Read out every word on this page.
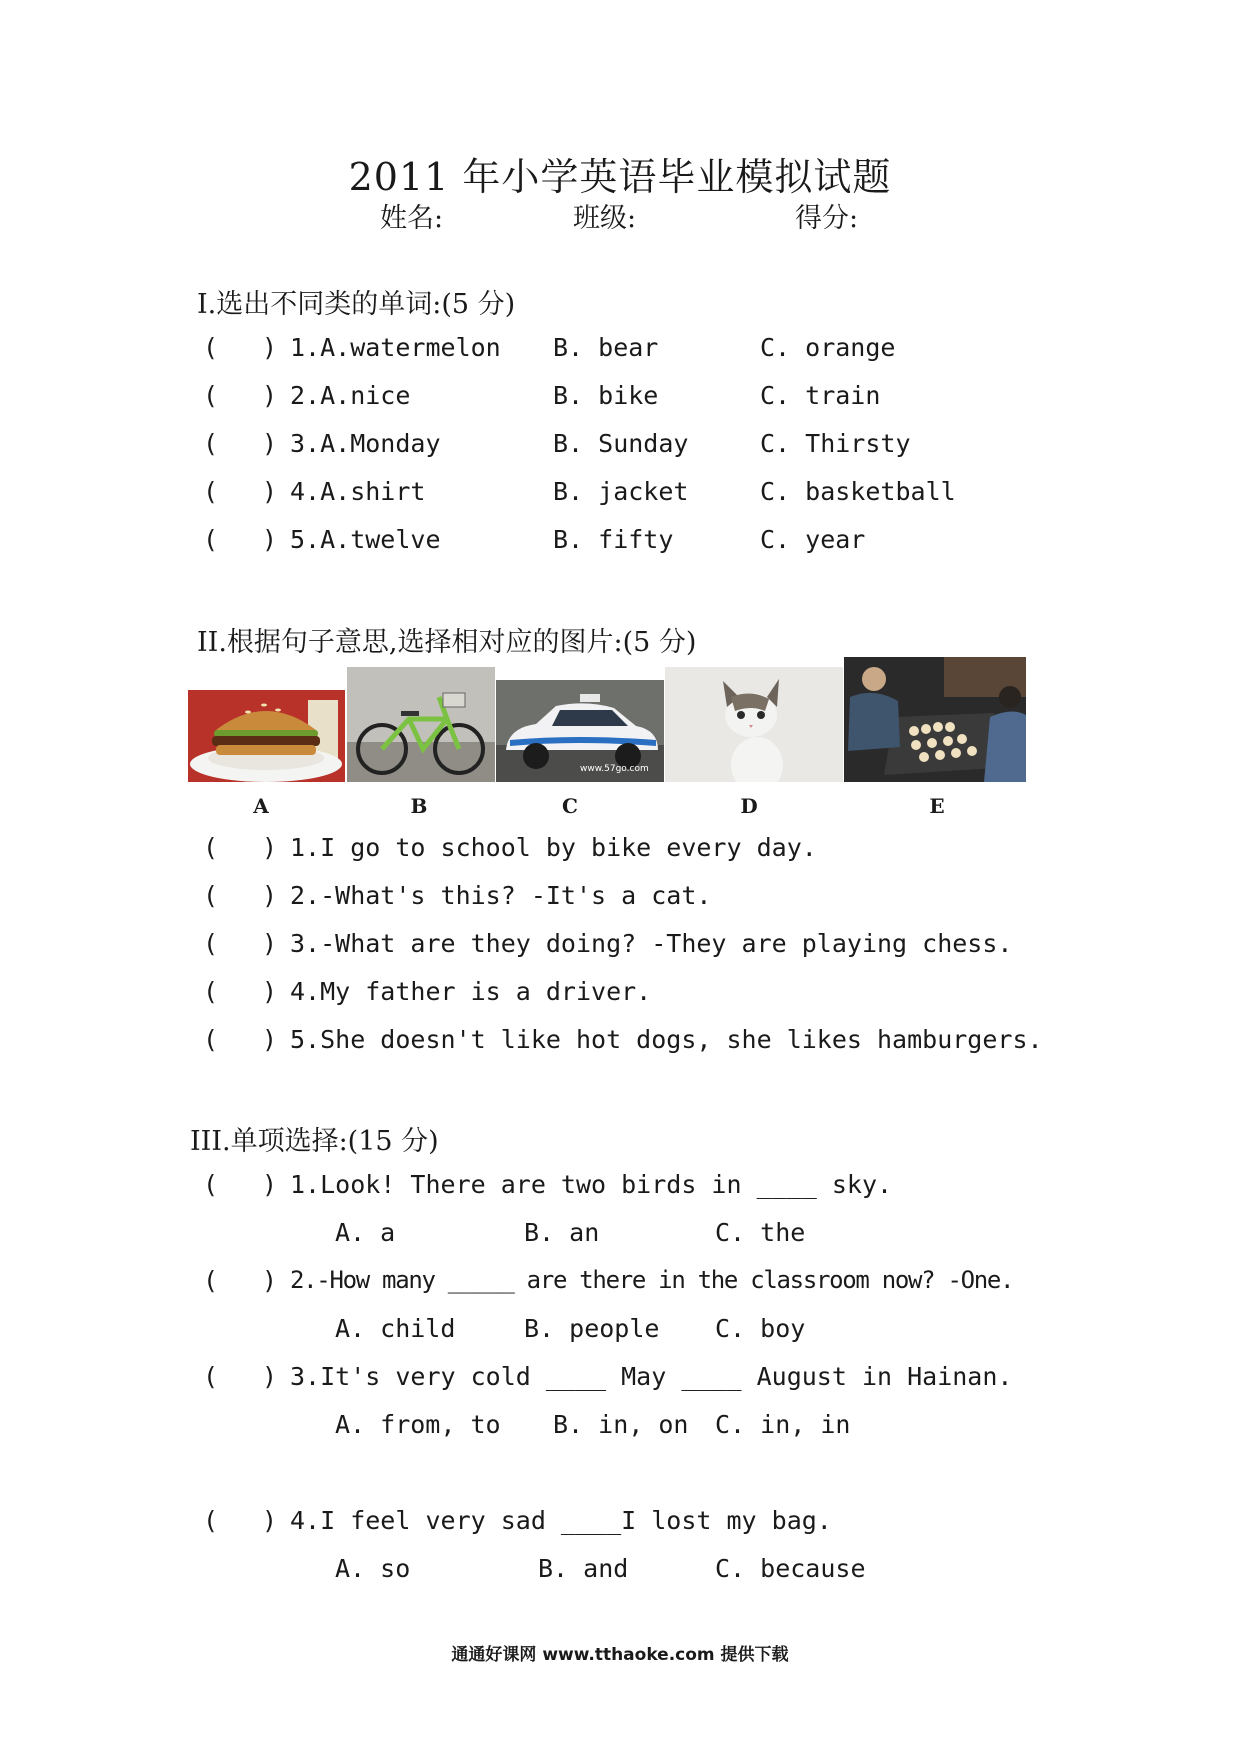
2011 年小学英语毕业模拟试题
姓名:	班级:	得分:
I.选出不同类的单词:(5 分)
( ) 1.A.watermelon B. bear	C. orange
( ) 2.A.nice	B. bike	C. train
( ) 3.A.Monday	B. Sunday	C. Thirsty
( ) 4.A.shirt	B. jacket	C. basketball
( ) 5.A.twelve	B. fifty	C. year
II.根据句子意思,选择相对应的图片:(5 分)
www.57go.com
A	B	C	D	E
( ) 1.I go to school by bike every day.
( ) 2.-What's this? -It's a cat.
( ) 3.-What are they doing? -They are playing chess.
( ) 4.My father is a driver.
( ) 5.She doesn't like hot dogs, she likes hamburgers.
III.单项选择:(15 分)
( ) 1.Look! There are two birds in ____ sky.
A. a	B. an	C. the
( ) 2.-How many _____ are there in the classroom now? -One.
A. child	B. people C. boy
( ) 3.It's very cold ____ May ____ August in Hainan.
A. from, to B. in, on C. in, in
( ) 4.I feel very sad ____I lost my bag.
A. so	B. and	C. because
通通好课网 www.tthaoke.com 提供下载
